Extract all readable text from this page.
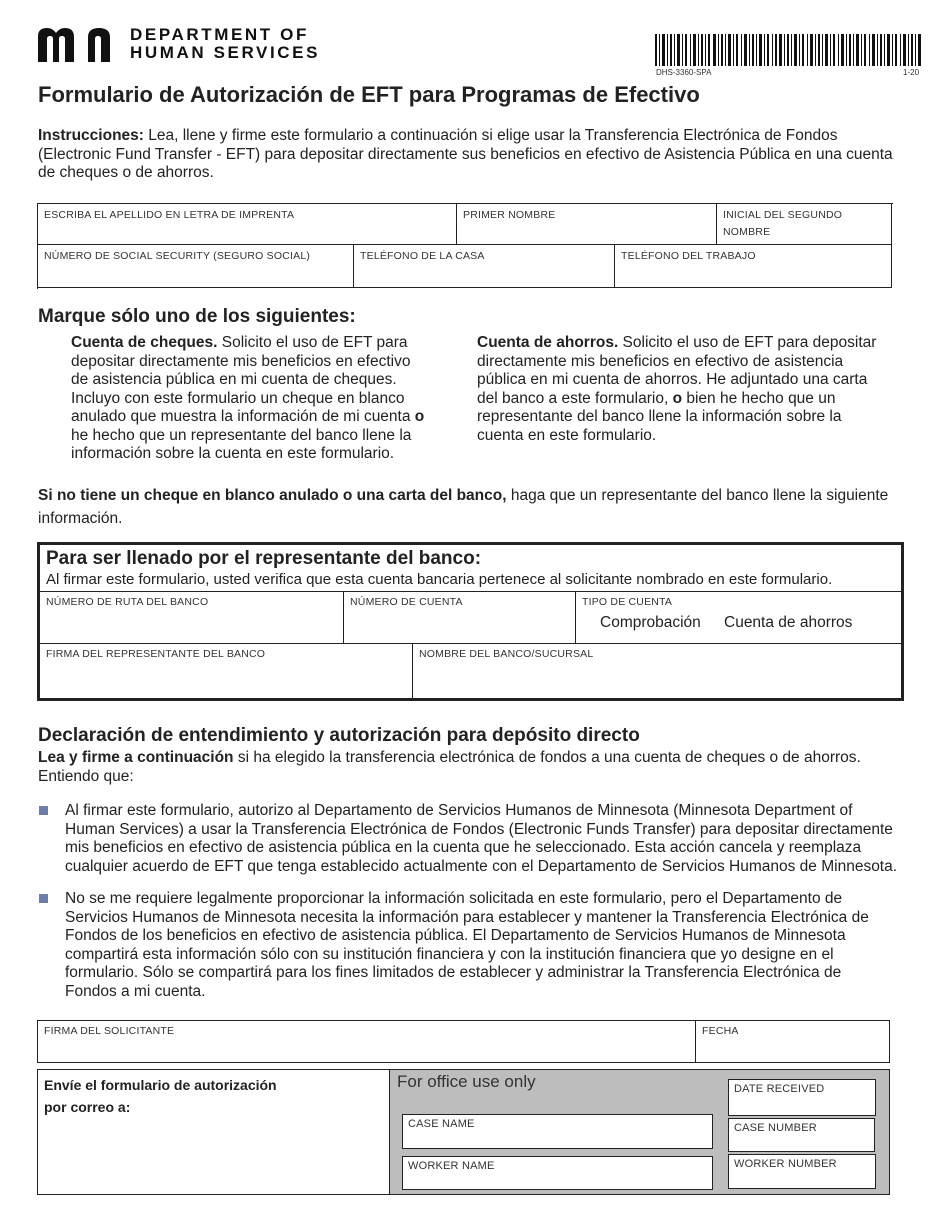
DEPARTMENT OF
HUMAN SERVICES
DHS-3360-SPA	1-20
Formulario de Autorización de EFT para Programas de Efectivo
Instrucciones: Lea, llene y firme este formulario a continuación si elige usar la Transferencia Electrónica de Fondos (Electronic Fund Transfer - EFT) para depositar directamente sus beneficios en efectivo de Asistencia Pública en una cuenta de cheques o de ahorros.
ESCRIBA EL APELLIDO EN LETRA DE IMPRENTA	PRIMER NOMBRE	INICIAL DEL SEGUNDO NOMBRE
NÚMERO DE SOCIAL SECURITY (SEGURO SOCIAL)	TELÉFONO DE LA CASA	TELÉFONO DEL TRABAJO
Marque sólo uno de los siguientes:
Cuenta de cheques. Solicito el uso de EFT para depositar directamente mis beneficios en efectivo de asistencia pública en mi cuenta de cheques. Incluyo con este formulario un cheque en blanco anulado que muestra la información de mi cuenta o he hecho que un representante del banco llene la información sobre la cuenta en este formulario.
Cuenta de ahorros. Solicito el uso de EFT para depositar directamente mis beneficios en efectivo de asistencia pública en mi cuenta de ahorros. He adjuntado una carta del banco a este formulario, o bien he hecho que un representante del banco llene la información sobre la cuenta en este formulario.
Si no tiene un cheque en blanco anulado o una carta del banco, haga que un representante del banco llene la siguiente información.
Para ser llenado por el representante del banco:
Al firmar este formulario, usted verifica que esta cuenta bancaria pertenece al solicitante nombrado en este formulario.
NÚMERO DE RUTA DEL BANCO	NÚMERO DE CUENTA	TIPO DE CUENTA
Comprobación Cuenta de ahorros
FIRMA DEL REPRESENTANTE DEL BANCO	NOMBRE DEL BANCO/SUCURSAL
Declaración de entendimiento y autorización para depósito directo
Lea y firme a continuación si ha elegido la transferencia electrónica de fondos a una cuenta de cheques o de ahorros.
Entiendo que:
Al firmar este formulario, autorizo al Departamento de Servicios Humanos de Minnesota (Minnesota Department of Human Services) a usar la Transferencia Electrónica de Fondos (Electronic Funds Transfer) para depositar directamente mis beneficios en efectivo de asistencia pública en la cuenta que he seleccionado. Esta acción cancela y reemplaza cualquier acuerdo de EFT que tenga establecido actualmente con el Departamento de Servicios Humanos de Minnesota.
No se me requiere legalmente proporcionar la información solicitada en este formulario, pero el Departamento de Servicios Humanos de Minnesota necesita la información para establecer y mantener la Transferencia Electrónica de Fondos de los beneficios en efectivo de asistencia pública. El Departamento de Servicios Humanos de Minnesota compartirá esta información sólo con su institución financiera y con la institución financiera que yo designe en el formulario. Sólo se compartirá para los fines limitados de establecer y administrar la Transferencia Electrónica de
Fondos a mi cuenta.
FIRMA DEL SOLICITANTE	FECHA
Envíe el formulario de autorización
por correo a:
For office use only	DATE RECEIVED
CASE NAME	CASE NUMBER
WORKER NAME	WORKER NUMBER
